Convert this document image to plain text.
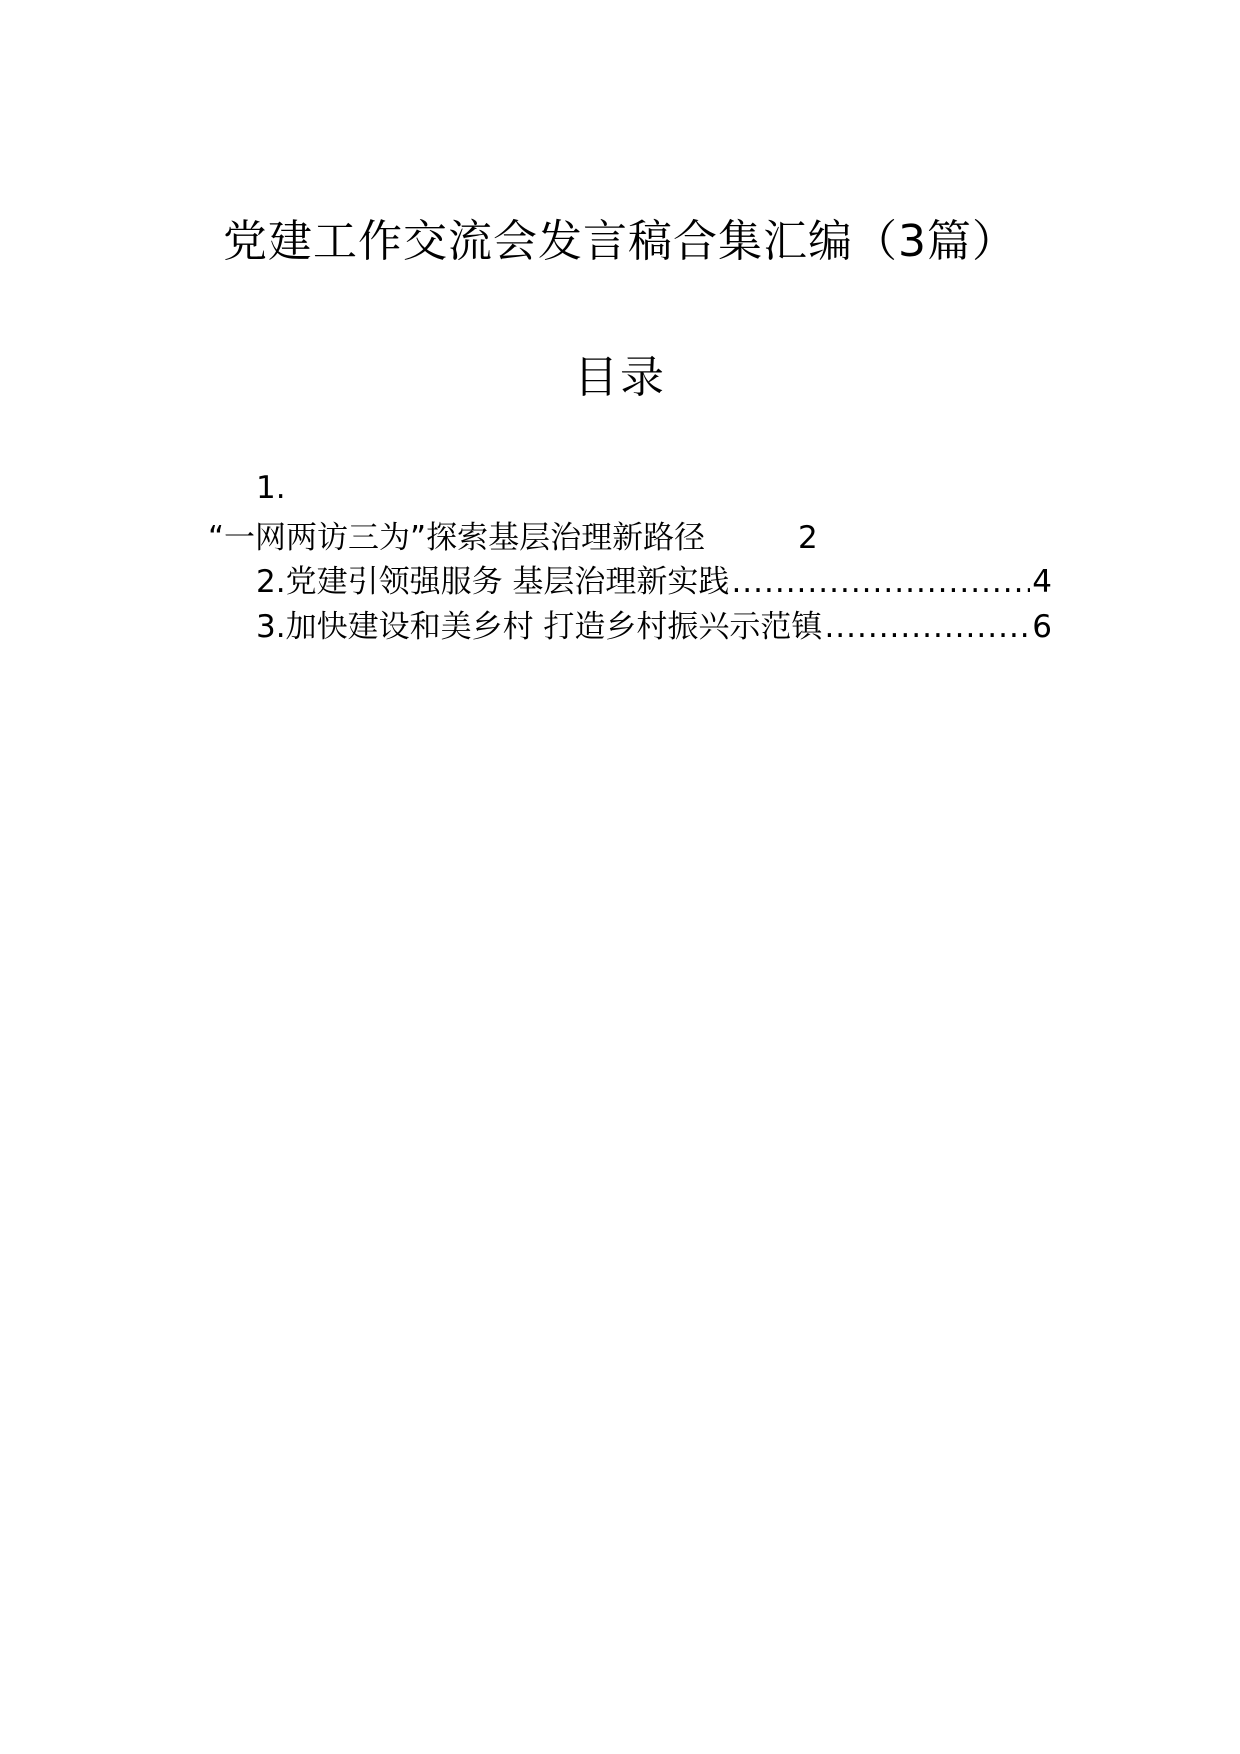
党建工作交流会发言稿合集汇编（3篇）
目录
1.
“一网两访三为”探索基层治理新路径	2
2. 党建引领强服务 基层治理新实践 .....	4
3. 加快建设和美乡村 打造乡村振兴示范镇 .....	6
